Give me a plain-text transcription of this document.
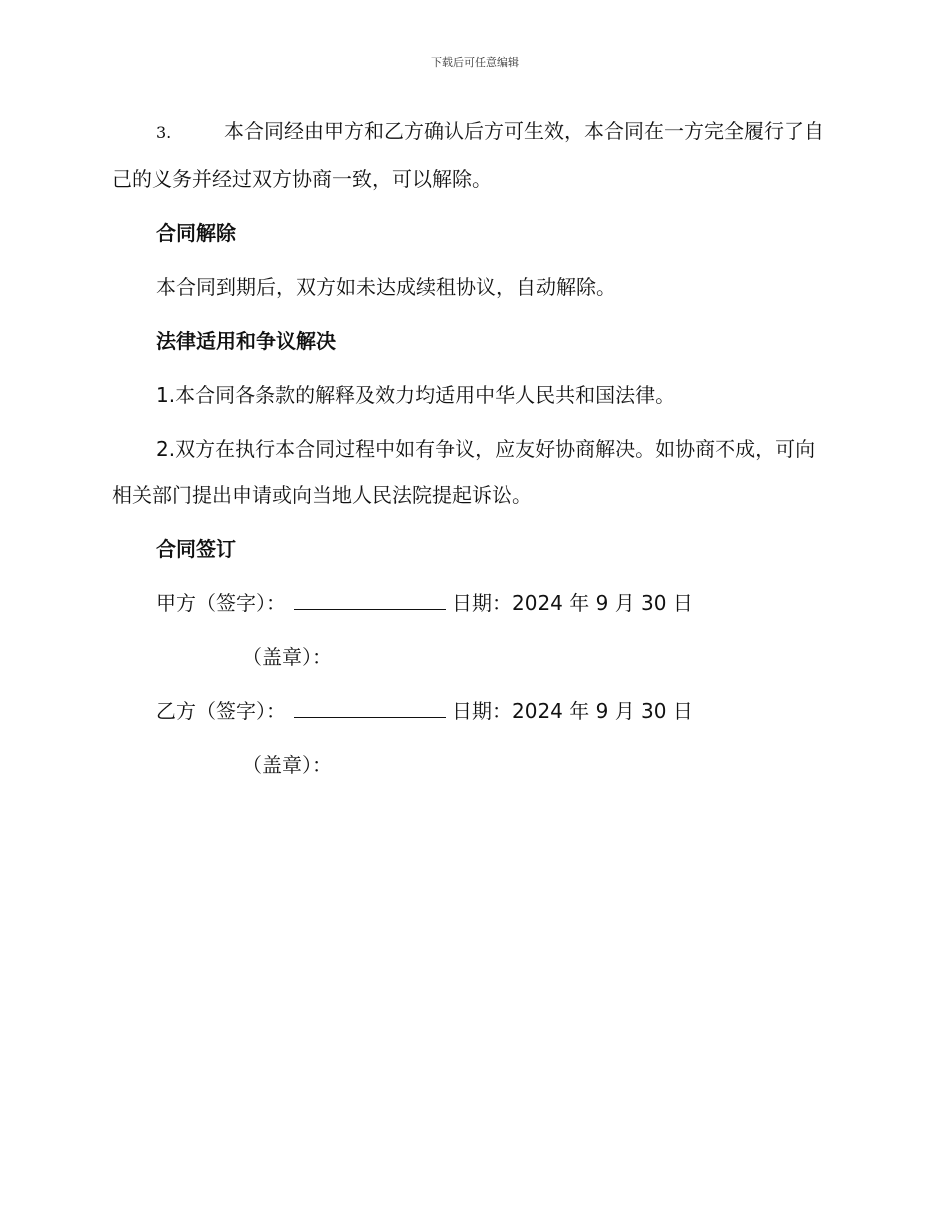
下载后可任意编辑

3.	本合同经由甲方和乙方确认后方可生效，本合同在一方完全履行了自己的义务并经过双方协商一致，可以解除。

合同解除

本合同到期后，双方如未达成续租协议，自动解除。

法律适用和争议解决

1.本合同各条款的解释及效力均适用中华人民共和国法律。

2.双方在执行本合同过程中如有争议，应友好协商解决。如协商不成，可向相关部门提出申请或向当地人民法院提起诉讼。

合同签订
甲方（签字）：	日期：2024 年 9 月 30 日
（盖章）：
乙方（签字）：	日期：2024 年 9 月 30 日
（盖章）：
